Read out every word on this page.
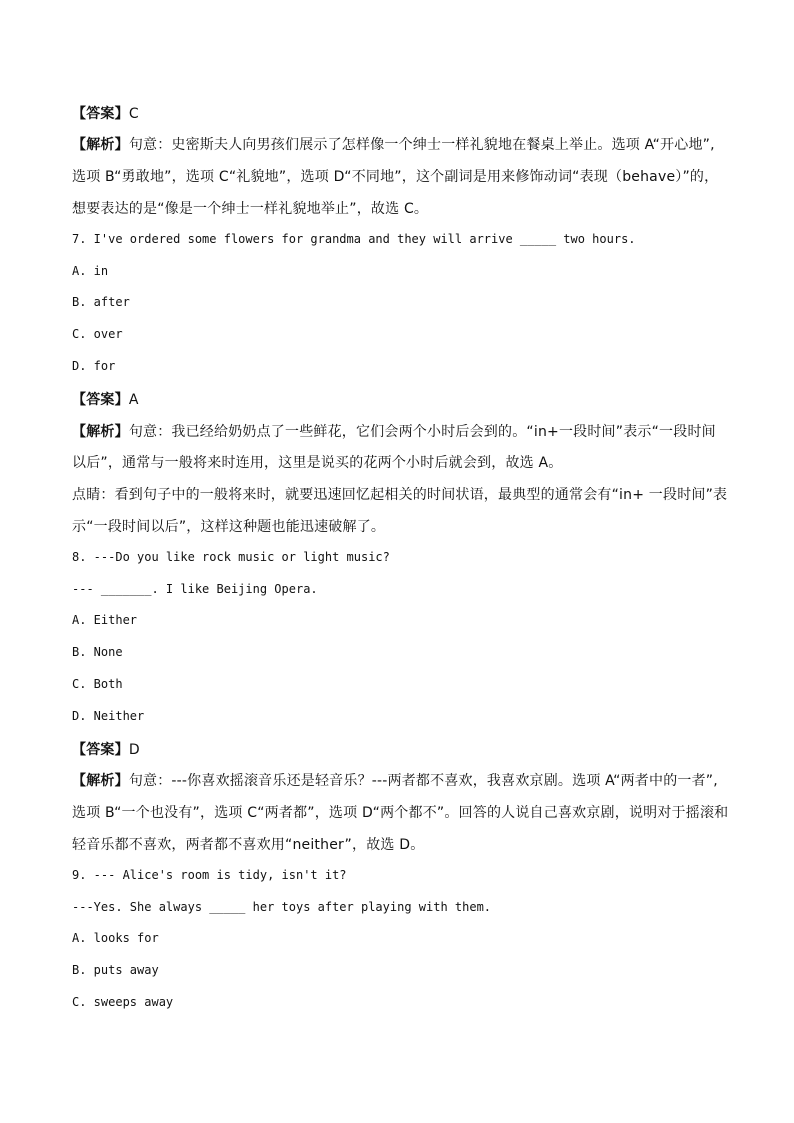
【答案】C
【解析】句意：史密斯夫人向男孩们展示了怎样像一个绅士一样礼貌地在餐桌上举止。选项 A“开心地”,
选项 B“勇敢地”，选项 C“礼貌地”，选项 D“不同地”，这个副词是用来修饰动词“表现（behave）”的，
想要表达的是“像是一个绅士一样礼貌地举止”，故选 C。
7. I've ordered some flowers for grandma and they will arrive _____ two hours.
A. in
B. after
C. over
D. for
【答案】A
【解析】句意：我已经给奶奶点了一些鲜花，它们会两个小时后会到的。“in+一段时间”表示“一段时间
以后”，通常与一般将来时连用，这里是说买的花两个小时后就会到，故选 A。
点睛：看到句子中的一般将来时，就要迅速回忆起相关的时间状语，最典型的通常会有“in+ 一段时间”表
示“一段时间以后”，这样这种题也能迅速破解了。
8. ---Do you like rock music or light music?
--- _______. I like Beijing Opera.
A. Either
B. None
C. Both
D. Neither
【答案】D
【解析】句意：---你喜欢摇滚音乐还是轻音乐？---两者都不喜欢，我喜欢京剧。选项 A“两者中的一者”,
选项 B“一个也没有”，选项 C“两者都”，选项 D“两个都不”。回答的人说自己喜欢京剧，说明对于摇滚和
轻音乐都不喜欢，两者都不喜欢用“neither”，故选 D。
9. --- Alice's room is tidy, isn't it?
---Yes. She always _____ her toys after playing with them.
A. looks for
B. puts away
C. sweeps away
